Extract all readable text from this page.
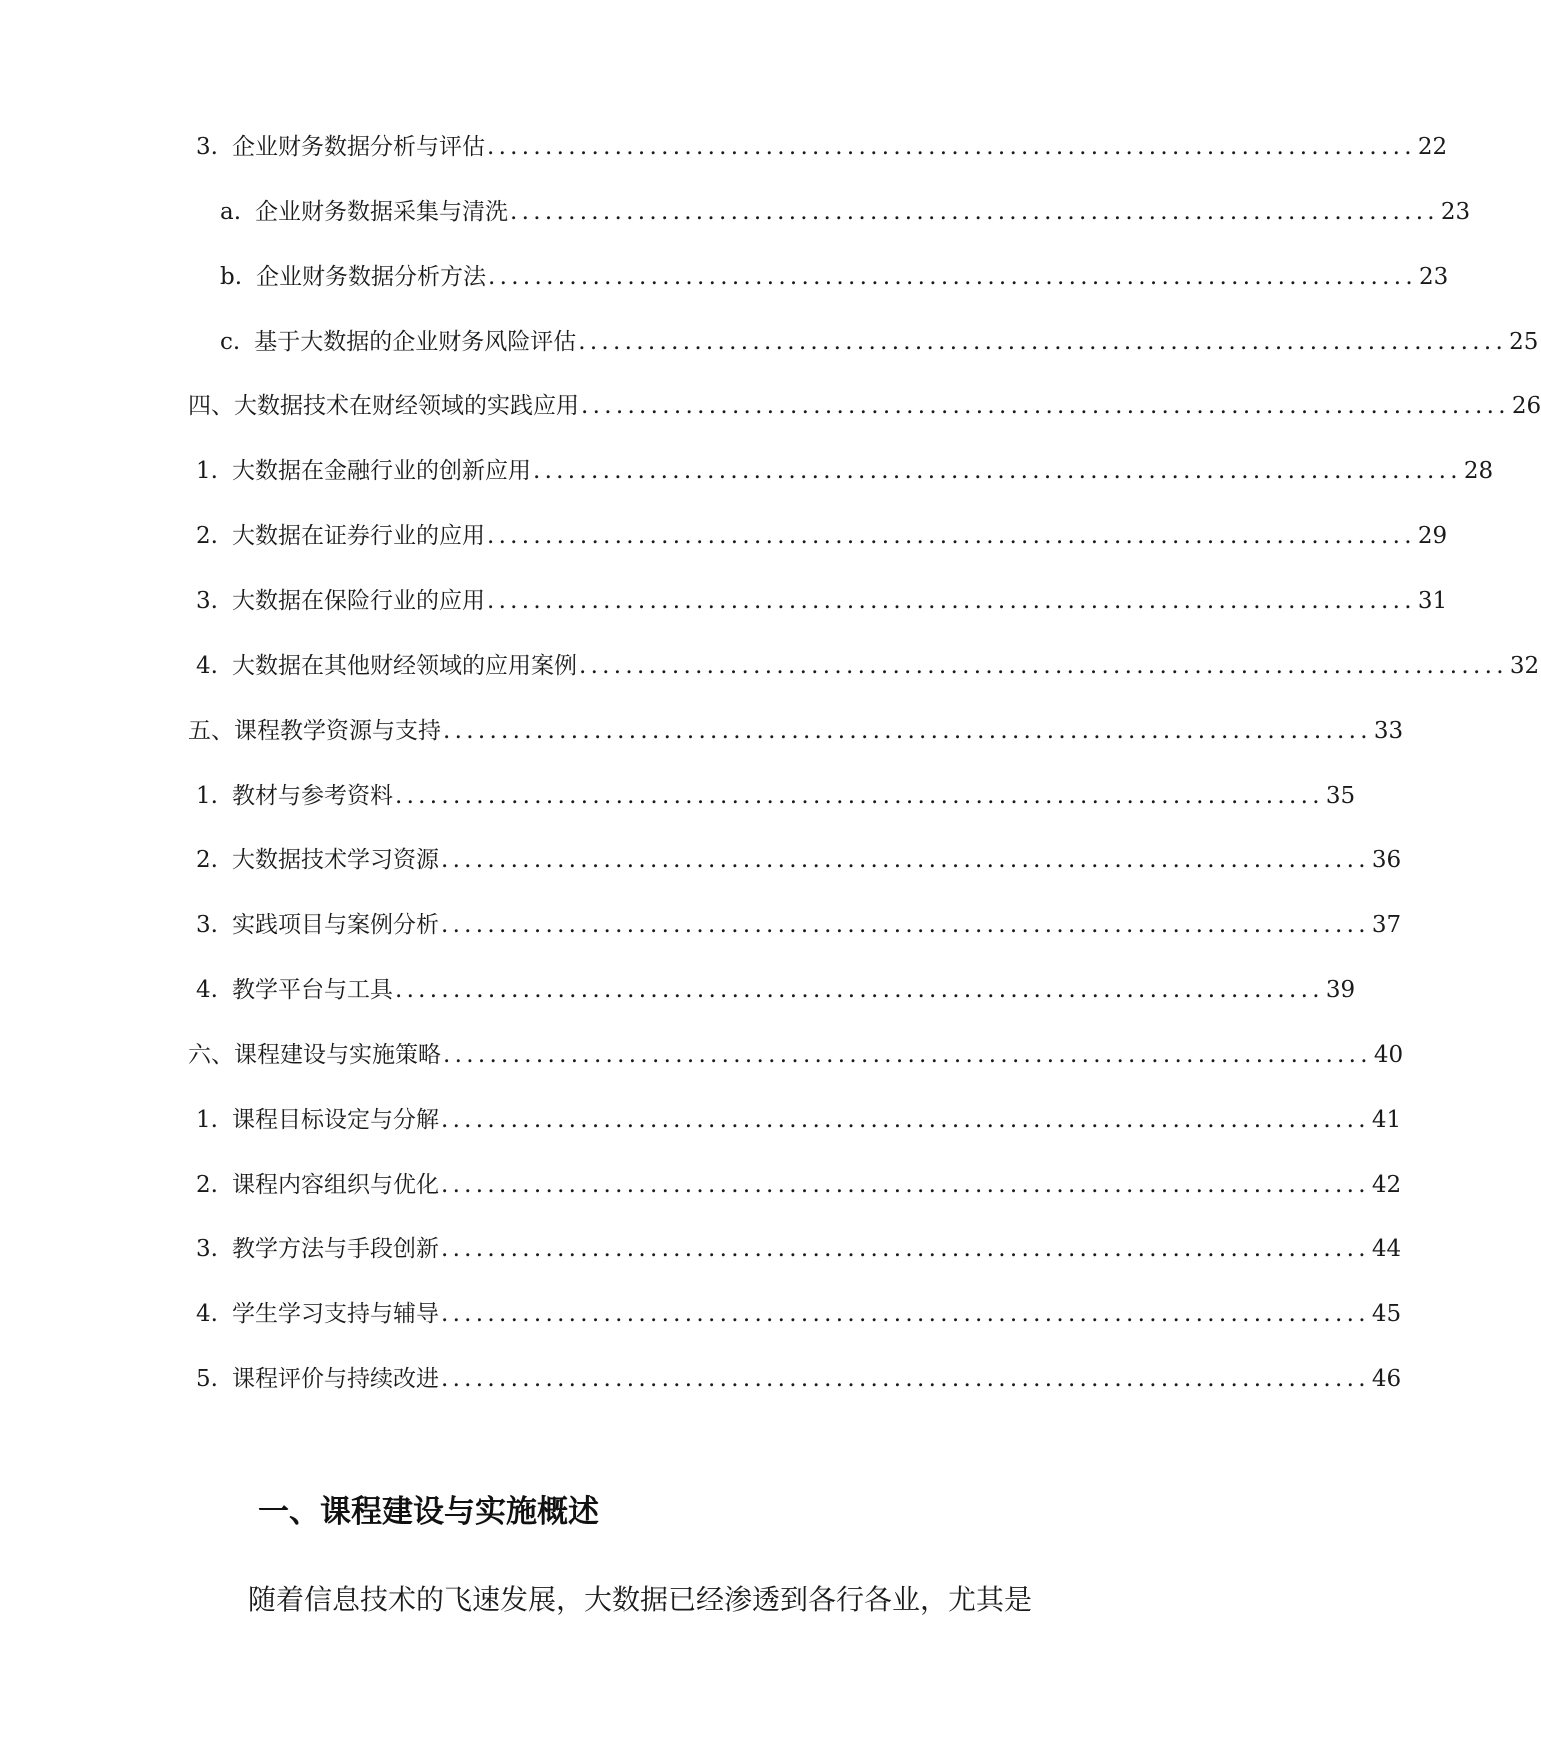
3. 企业财务数据分析与评估 ................................................................................ 22
a. 企业财务数据采集与清洗 ................................................................................ 23
b. 企业财务数据分析方法 ................................................................................ 23
c. 基于大数据的企业财务风险评估 ................................................................................ 25
四、大数据技术在财经领域的实践应用 ................................................................................ 26
1. 大数据在金融行业的创新应用 ................................................................................ 28
2. 大数据在证券行业的应用 ................................................................................ 29
3. 大数据在保险行业的应用 ................................................................................ 31
4. 大数据在其他财经领域的应用案例 ................................................................................ 32
五、课程教学资源与支持 ................................................................................ 33
1. 教材与参考资料 ................................................................................ 35
2. 大数据技术学习资源 ................................................................................ 36
3. 实践项目与案例分析 ................................................................................ 37
4. 教学平台与工具 ................................................................................ 39
六、课程建设与实施策略 ................................................................................ 40
1. 课程目标设定与分解 ................................................................................ 41
2. 课程内容组织与优化 ................................................................................ 42
3. 教学方法与手段创新 ................................................................................ 44
4. 学生学习支持与辅导 ................................................................................ 45
5. 课程评价与持续改进 ................................................................................ 46
一、课程建设与实施概述
随着信息技术的飞速发展，大数据已经渗透到各行各业，尤其是
